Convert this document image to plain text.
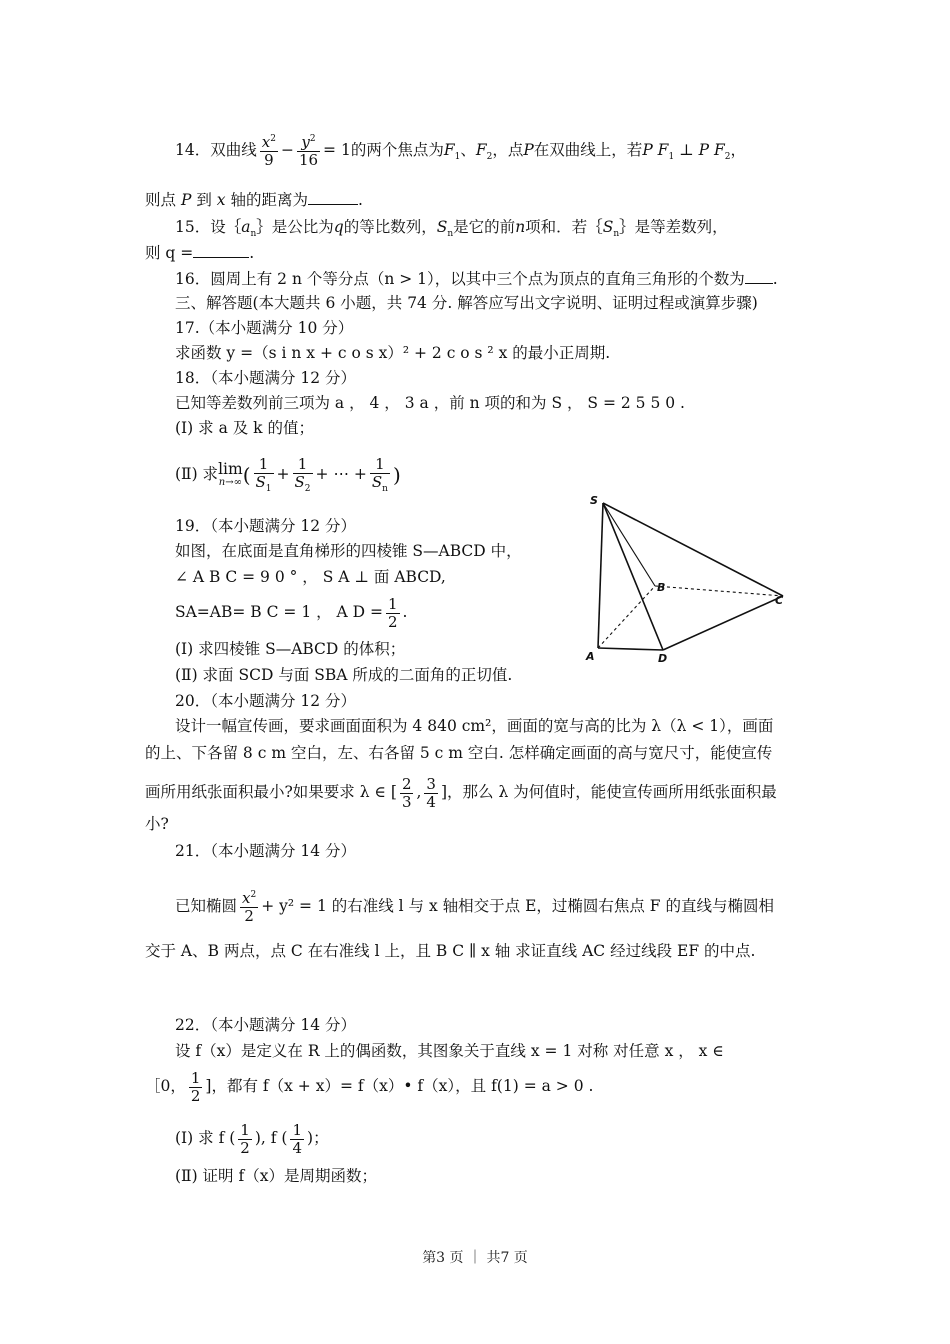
14．双曲线 $\frac{x^2}{9} - \frac{y^2}{16} = 1$的两个焦点为$F_1$、$F_2$，点P在双曲线上，若P $F_1$ ⊥ P $F_2$，
则点 P 到 x 轴的距离为	.
15．设$\{a_n\}$是公比为q的等比数列，$S_n$是它的前n项和．若$\{S_n\}$是等差数列，
则 q =	.
16．圆周上有 2 n 个等分点（n > 1），以其中三个点为顶点的直角三角形的个数为 .
三、解答题(本大题共 6 小题，共 74 分. 解答应写出文字说明、证明过程或演算步骤)
17.（本小题满分 10 分）
求函数 y =（s i n x + c o s x）² + 2 c o s ² x 的最小正周期.
18．（本小题满分 12 分）
已知等差数列前三项为 a ， 4 ， 3 a ，前 n 项的和为 S ， S = 2 5 5 0 .
(Ⅰ) 求 a 及 k 的值；
(Ⅱ) 求lim
n→∞ ( $\frac{1}{S_1} + \frac{1}{S_2}$ + ⋯ + $\frac{1}{S_n}$ )
19．（本小题满分 12 分）
如图，在底面是直角梯形的四棱锥 S—ABCD 中，
∠ A B C = 9 0 ° ， S A ⊥ 面 ABCD,
SA=AB= B C = 1 ， A $D = \frac{1}{2}$ .
(Ⅰ) 求四棱锥 S—ABCD 的体积；
(Ⅱ) 求面 SCD 与面 SBA 所成的二面角的正切值.
S
A
B
C
D
20．（本小题满分 12 分）
设计一幅宣传画，要求画面面积为 4 840 cm²，画面的宽与高的比为 λ（λ < 1），画面
的上、下各留 8 c m 空白，左、右各留 5 c m 空白. 怎样确定画面的高与宽尺寸，能使宣传
画所用纸张面积最小?如果要求 λ ∈ [ $\frac{2}{3}$ , $\frac{3}{4}$ ]，那么 λ 为何值时，能使宣传画所用纸张面积最
小?
21．（本小题满分 14 分）
已知椭圆 $\frac{x^2}{2} + y^2 = 1$ 的右准线 l 与 x 轴相交于点 E，过椭圆右焦点 F 的直线与椭圆相
交于 A、B 两点，点 C 在右准线 l 上，且 B C ∥ x 轴 求证直线 AC 经过线段 EF 的中点.
22．（本小题满分 14 分）
设 f（x）是定义在 R 上的偶函数，其图象关于直线 x = 1 对称 对任意 x ， x ∈
［0， $\frac{1}{2}$ ]，都有 f（x + x）= f（x）• f（x），且 f(1) = a > 0 .
(Ⅰ) 求 f ( $\frac{1}{2}$ ), f ( $\frac{1}{4}$ )；
(Ⅱ) 证明 f（x）是周期函数；
第3 页 ｜ 共7 页
